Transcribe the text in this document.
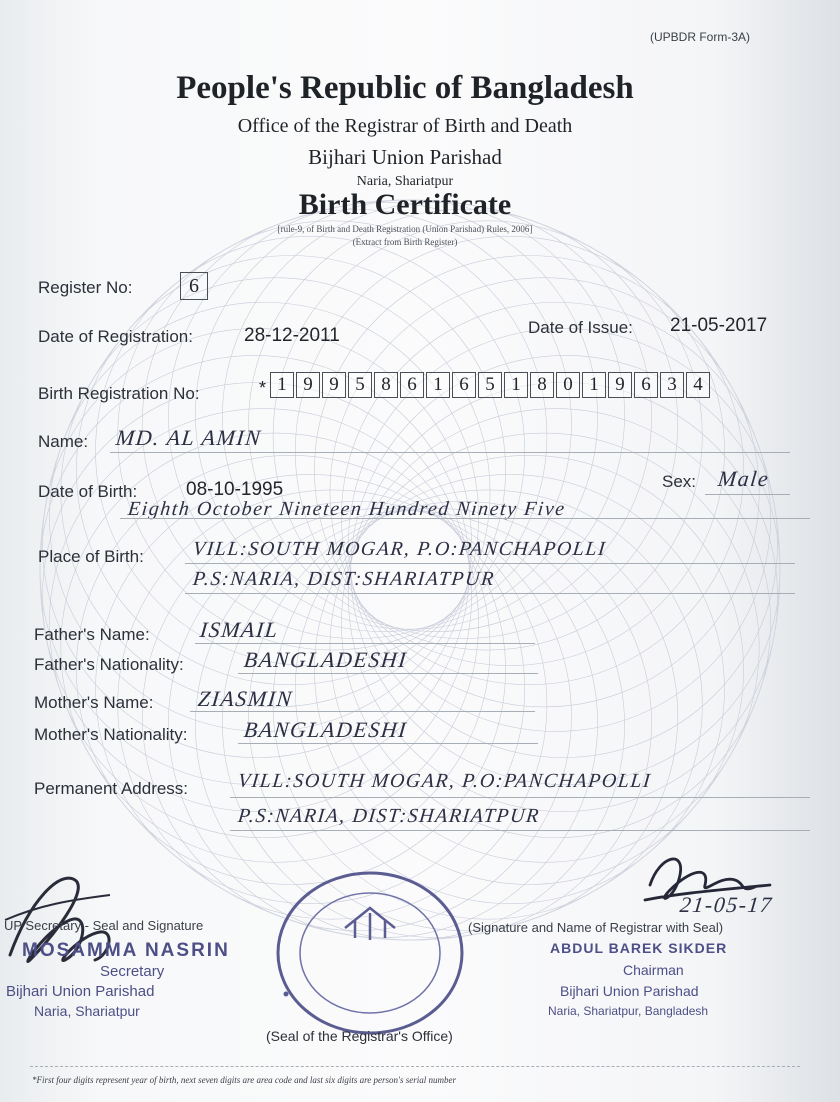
(UPBDR Form-3A)
People's Republic of Bangladesh
Office of the Registrar of Birth and Death
Bijhari Union Parishad
Naria, Shariatpur
Birth Certificate
[rule-9, of Birth and Death Registration (Union Parishad) Rules, 2006]
(Extract from Birth Register)
Register No:	6
Date of Registration:	28-12-2011	Date of Issue: 21-05-2017
Birth Registration No:	* 1 9 9 5 8 6 1 6 5 1 8 0 1 9 6 3 4
Name: MD. AL AMIN
Date of Birth:	08-10-1995	Sex: Male
Eighth October Nineteen Hundred Ninety Five
Place of Birth: VILL:SOUTH MOGAR, P.O:PANCHAPOLLI
P.S:NARIA, DIST:SHARIATPUR
Father's Name: ISMAIL
Father's Nationality:	BANGLADESHI
Mother's Name: ZIASMIN
Mother's Nationality:	BANGLADESHI
Permanent Address: VILL:SOUTH MOGAR, P.O:PANCHAPOLLI
P.S:NARIA, DIST:SHARIATPUR
UP Secretary - Seal and Signature
MOSAMMA NASRIN
Secretary
Bijhari Union Parishad
Naria, Shariatpur
(Seal of the Registrar's Office)
21-05-17
(Signature and Name of Registrar with Seal)
ABDUL BAREK SIKDER
Chairman
Bijhari Union Parishad
Naria, Shariatpur, Bangladesh
*First four digits represent year of birth, next seven digits are area code and last six digits are person's serial number
